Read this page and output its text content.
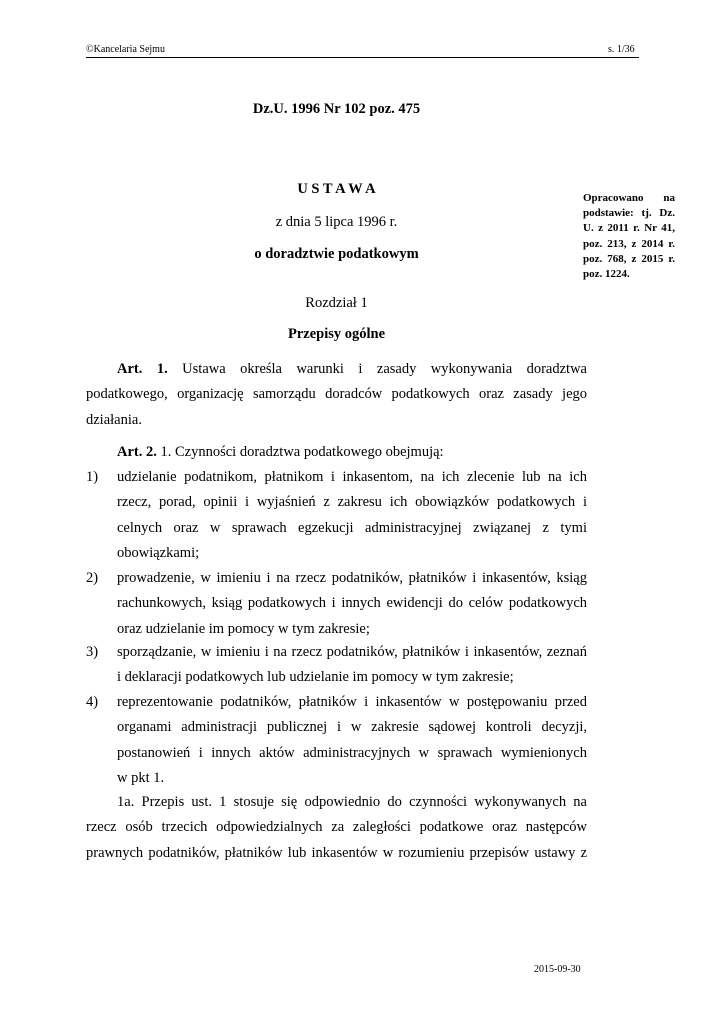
©Kancelaria Sejmu	s. 1/36
Dz.U. 1996 Nr 102 poz. 475
U S T A W A
z dnia 5 lipca 1996 r.
o doradztwie podatkowym
Opracowano na podstawie: tj. Dz. U. z 2011 r. Nr 41, poz. 213, z 2014 r. poz. 768, z 2015 r. poz. 1224.
Rozdział 1
Przepisy ogólne
Art. 1. Ustawa określa warunki i zasady wykonywania doradztwa
podatkowego, organizację samorządu doradców podatkowych oraz zasady jego
działania.
Art. 2. 1. Czynności doradztwa podatkowego obejmują:
1) udzielanie podatnikom, płatnikom i inkasentom, na ich zlecenie lub na ich
rzecz, porad, opinii i wyjaśnień z zakresu ich obowiązków podatkowych i
celnych oraz w sprawach egzekucji administracyjnej związanej z tymi
obowiązkami;
2) prowadzenie, w imieniu i na rzecz podatników, płatników i inkasentów, ksiąg
rachunkowych, ksiąg podatkowych i innych ewidencji do celów podatkowych
oraz udzielanie im pomocy w tym zakresie;
3) sporządzanie, w imieniu i na rzecz podatników, płatników i inkasentów, zeznań
i deklaracji podatkowych lub udzielanie im pomocy w tym zakresie;
4) reprezentowanie podatników, płatników i inkasentów w postępowaniu przed
organami administracji publicznej i w zakresie sądowej kontroli decyzji,
postanowień i innych aktów administracyjnych w sprawach wymienionych
w pkt 1.
1a. Przepis ust. 1 stosuje się odpowiednio do czynności wykonywanych na
rzecz osób trzecich odpowiedzialnych za zaległości podatkowe oraz następców
prawnych podatników, płatników lub inkasentów w rozumieniu przepisów ustawy z
2015-09-30
